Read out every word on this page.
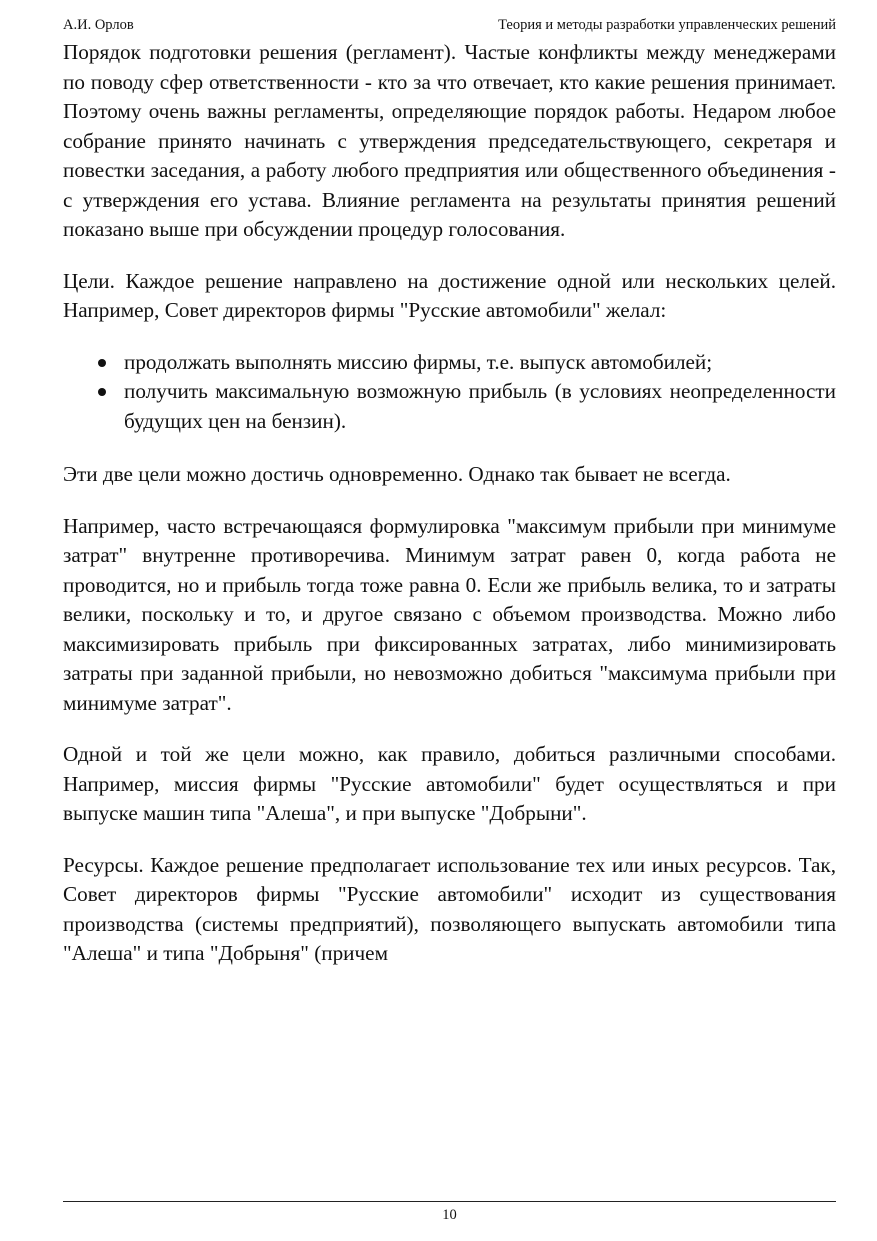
А.И. Орлов	Теория и методы разработки управленческих решений

Порядок подготовки решения (регламент). Частые конфликты между менеджерами по поводу сфер ответственности - кто за что отвечает, кто какие решения принимает. Поэтому очень важны регламенты, определяющие порядок работы. Недаром любое собрание принято начинать с утверждения председательствующего, секретаря и повестки заседания, а работу любого предприятия или общественного объединения - с утверждения его устава. Влияние регламента на результаты принятия решений показано выше при обсуждении процедур голосования.

Цели. Каждое решение направлено на достижение одной или нескольких целей. Например, Совет директоров фирмы "Русские автомобили" желал:

продолжать выполнять миссию фирмы, т.е. выпуск автомобилей;
получить максимальную возможную прибыль (в условиях неопределенности будущих цен на бензин).

Эти две цели можно достичь одновременно. Однако так бывает не всегда.

Например, часто встречающаяся формулировка "максимум прибыли при минимуме затрат" внутренне противоречива. Минимум затрат равен 0, когда работа не проводится, но и прибыль тогда тоже равна 0. Если же прибыль велика, то и затраты велики, поскольку и то, и другое связано с объемом производства. Можно либо максимизировать прибыль при фиксированных затратах, либо минимизировать затраты при заданной прибыли, но невозможно добиться "максимума прибыли при минимуме затрат".

Одной и той же цели можно, как правило, добиться различными способами. Например, миссия фирмы "Русские автомобили" будет осуществляться и при выпуске машин типа "Алеша", и при выпуске "Добрыни".

Ресурсы. Каждое решение предполагает использование тех или иных ресурсов. Так, Совет директоров фирмы "Русские автомобили" исходит из существования производства (системы предприятий), позволяющего выпускать автомобили типа "Алеша" и типа "Добрыня" (причем

10
